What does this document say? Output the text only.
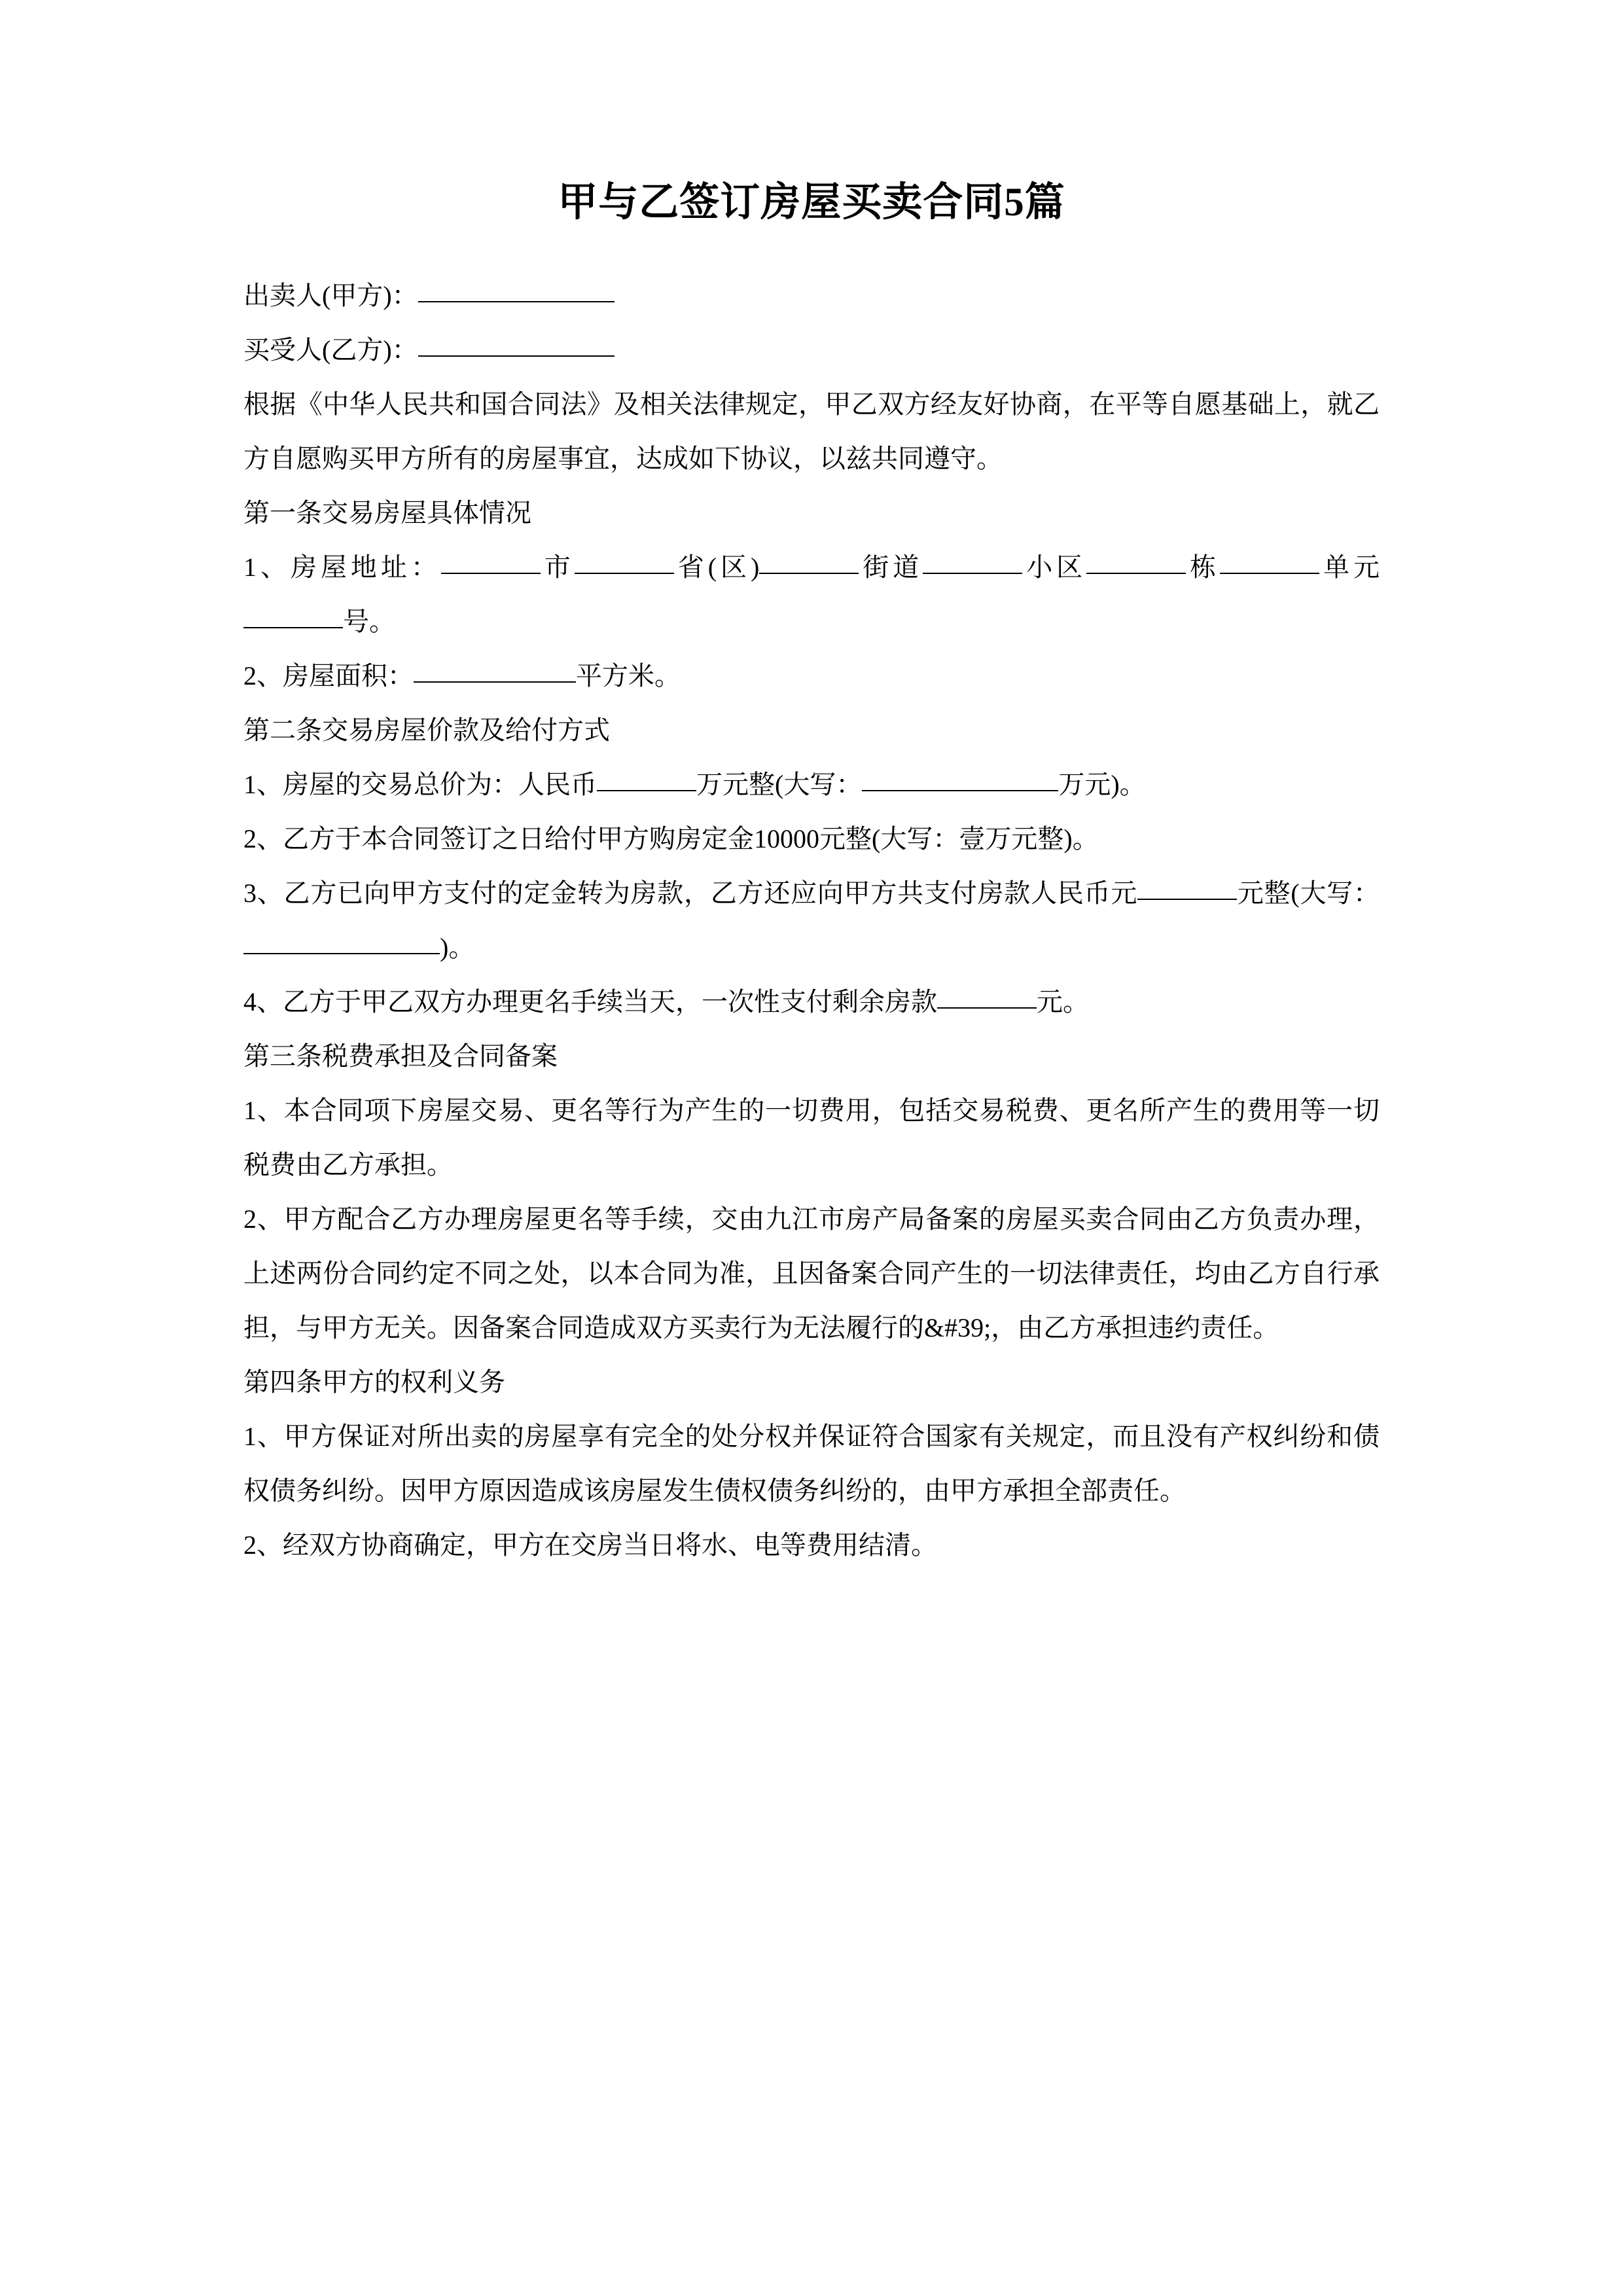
甲与乙签订房屋买卖合同5篇

出卖人(甲方)：

买受人(乙方)：

根据《中华人民共和国合同法》及相关法律规定，甲乙双方经友好协商，在平等自愿基础上，就乙方自愿购买甲方所有的房屋事宜，达成如下协议，以兹共同遵守。

第一条交易房屋具体情况

1、房屋地址：	市	省(区)	街道	小区	栋	单元号。

2、房屋面积：	平方米。

第二条交易房屋价款及给付方式

1、房屋的交易总价为：人民币	万元整(大写：	万元)。

2、乙方于本合同签订之日给付甲方购房定金10000元整(大写：壹万元整)。

3、乙方已向甲方支付的定金转为房款，乙方还应向甲方共支付房款人民币元	元整(大写：)。

4、乙方于甲乙双方办理更名手续当天，一次性支付剩余房款	元。

第三条税费承担及合同备案

1、本合同项下房屋交易、更名等行为产生的一切费用，包括交易税费、更名所产生的费用等一切税费由乙方承担。

2、甲方配合乙方办理房屋更名等手续，交由九江市房产局备案的房屋买卖合同由乙方负责办理，上述两份合同约定不同之处，以本合同为准，且因备案合同产生的一切法律责任，均由乙方自行承担，与甲方无关。因备案合同造成双方买卖行为无法履行的&#39;，由乙方承担违约责任。

第四条甲方的权利义务

1、甲方保证对所出卖的房屋享有完全的处分权并保证符合国家有关规定，而且没有产权纠纷和债权债务纠纷。因甲方原因造成该房屋发生债权债务纠纷的，由甲方承担全部责任。

2、经双方协商确定，甲方在交房当日将水、电等费用结清。
